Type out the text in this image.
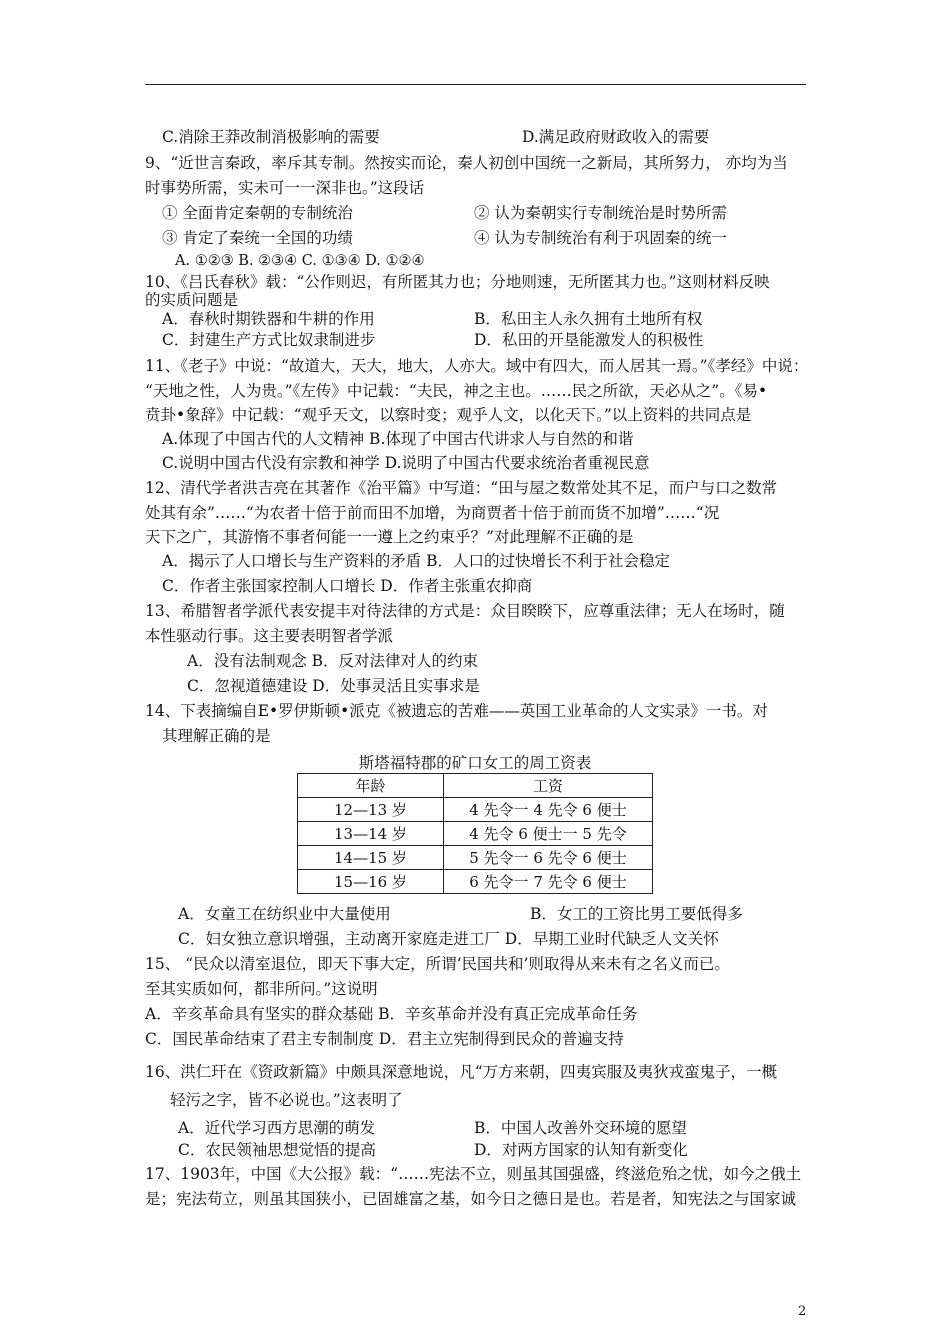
C.消除王莽改制消极影响的需要	D.满足政府财政收入的需要
9、“近世言秦政，率斥其专制。然按实而论，秦人初创中国统一之新局，其所努力， 亦均为当
时事势所需，实未可一一深非也。”这段话
① 全面肯定秦朝的专制统治	② 认为秦朝实行专制统治是时势所需
③ 肯定了秦统一全国的功绩	④ 认为专制统治有利于巩固秦的统一
A. ①②③ B. ②③④ C. ①③④ D. ①②④
10、《吕氏春秋》载：“公作则迟，有所匿其力也；分地则速，无所匿其力也。”这则材料反映
的实质问题是
A．春秋时期铁器和牛耕的作用	B．私田主人永久拥有土地所有权
C．封建生产方式比奴隶制进步	D．私田的开垦能激发人的积极性
11、《老子》中说：“故道大，天大，地大，人亦大。域中有四大，而人居其一焉。”《孝经》中说：
“天地之性，人为贵。”《左传》中记载：“夫民，神之主也。……民之所欲，天必从之”。《易•
贲卦•象辞》中记载：“观乎天文，以察时变；观乎人文，以化天下。”以上资料的共同点是
A.体现了中国古代的人文精神 B.体现了中国古代讲求人与自然的和谐
C.说明中国古代没有宗教和神学 D.说明了中国古代要求统治者重视民意
12、清代学者洪吉亮在其著作《治平篇》中写道：“田与屋之数常处其不足，而户与口之数常
处其有余”……“为农者十倍于前而田不加增，为商贾者十倍于前而货不加增”……“况
天下之广，其游惰不事者何能一一遵上之约束乎？”对此理解不正确的是
A．揭示了人口增长与生产资料的矛盾 B．人口的过快增长不利于社会稳定
C．作者主张国家控制人口增长 D．作者主张重农抑商
13、希腊智者学派代表安提丰对待法律的方式是：众目睽睽下，应尊重法律；无人在场时，随
本性驱动行事。这主要表明智者学派
A．没有法制观念 B．反对法律对人的约束
C．忽视道德建设 D．处事灵活且实事求是
14、下表摘编自E•罗伊斯顿•派克《被遗忘的苦难——英国工业革命的人文实录》一书。对
其理解正确的是
斯塔福特郡的矿口女工的周工资表
年龄	工资
12—13 岁	4 先令一 4 先令 6 便士
13—14 岁	4 先令 6 便士一 5 先令
14—15 岁	5 先令一 6 先令 6 便士
15—16 岁	6 先令一 7 先令 6 便士
A．女童工在纺织业中大量使用	B．女工的工资比男工要低得多
C．妇女独立意识增强，主动离开家庭走进工厂 D．早期工业时代缺乏人文关怀
15、 “民众以清室退位，即天下事大定，所谓‘民国共和’则取得从来未有之名义而已。
至其实质如何，都非所问。”这说明
A．辛亥革命具有坚实的群众基础 B．辛亥革命并没有真正完成革命任务
C．国民革命结束了君主专制制度 D．君主立宪制得到民众的普遍支持
16、洪仁玕在《资政新篇》中颇具深意地说，凡“万方来朝，四夷宾服及夷狄戎蛮鬼子，一概
轻污之字，皆不必说也。”这表明了
A．近代学习西方思潮的萌发	B．中国人改善外交环境的愿望
C．农民领袖思想觉悟的提高	D．对两方国家的认知有新变化
17、1903年，中国《大公报》载：“……宪法不立，则虽其国强盛，终滋危殆之忧，如今之俄土
是；宪法苟立，则虽其国狭小，已固雄富之基，如今日之德日是也。若是者，知宪法之与国家诚
2
